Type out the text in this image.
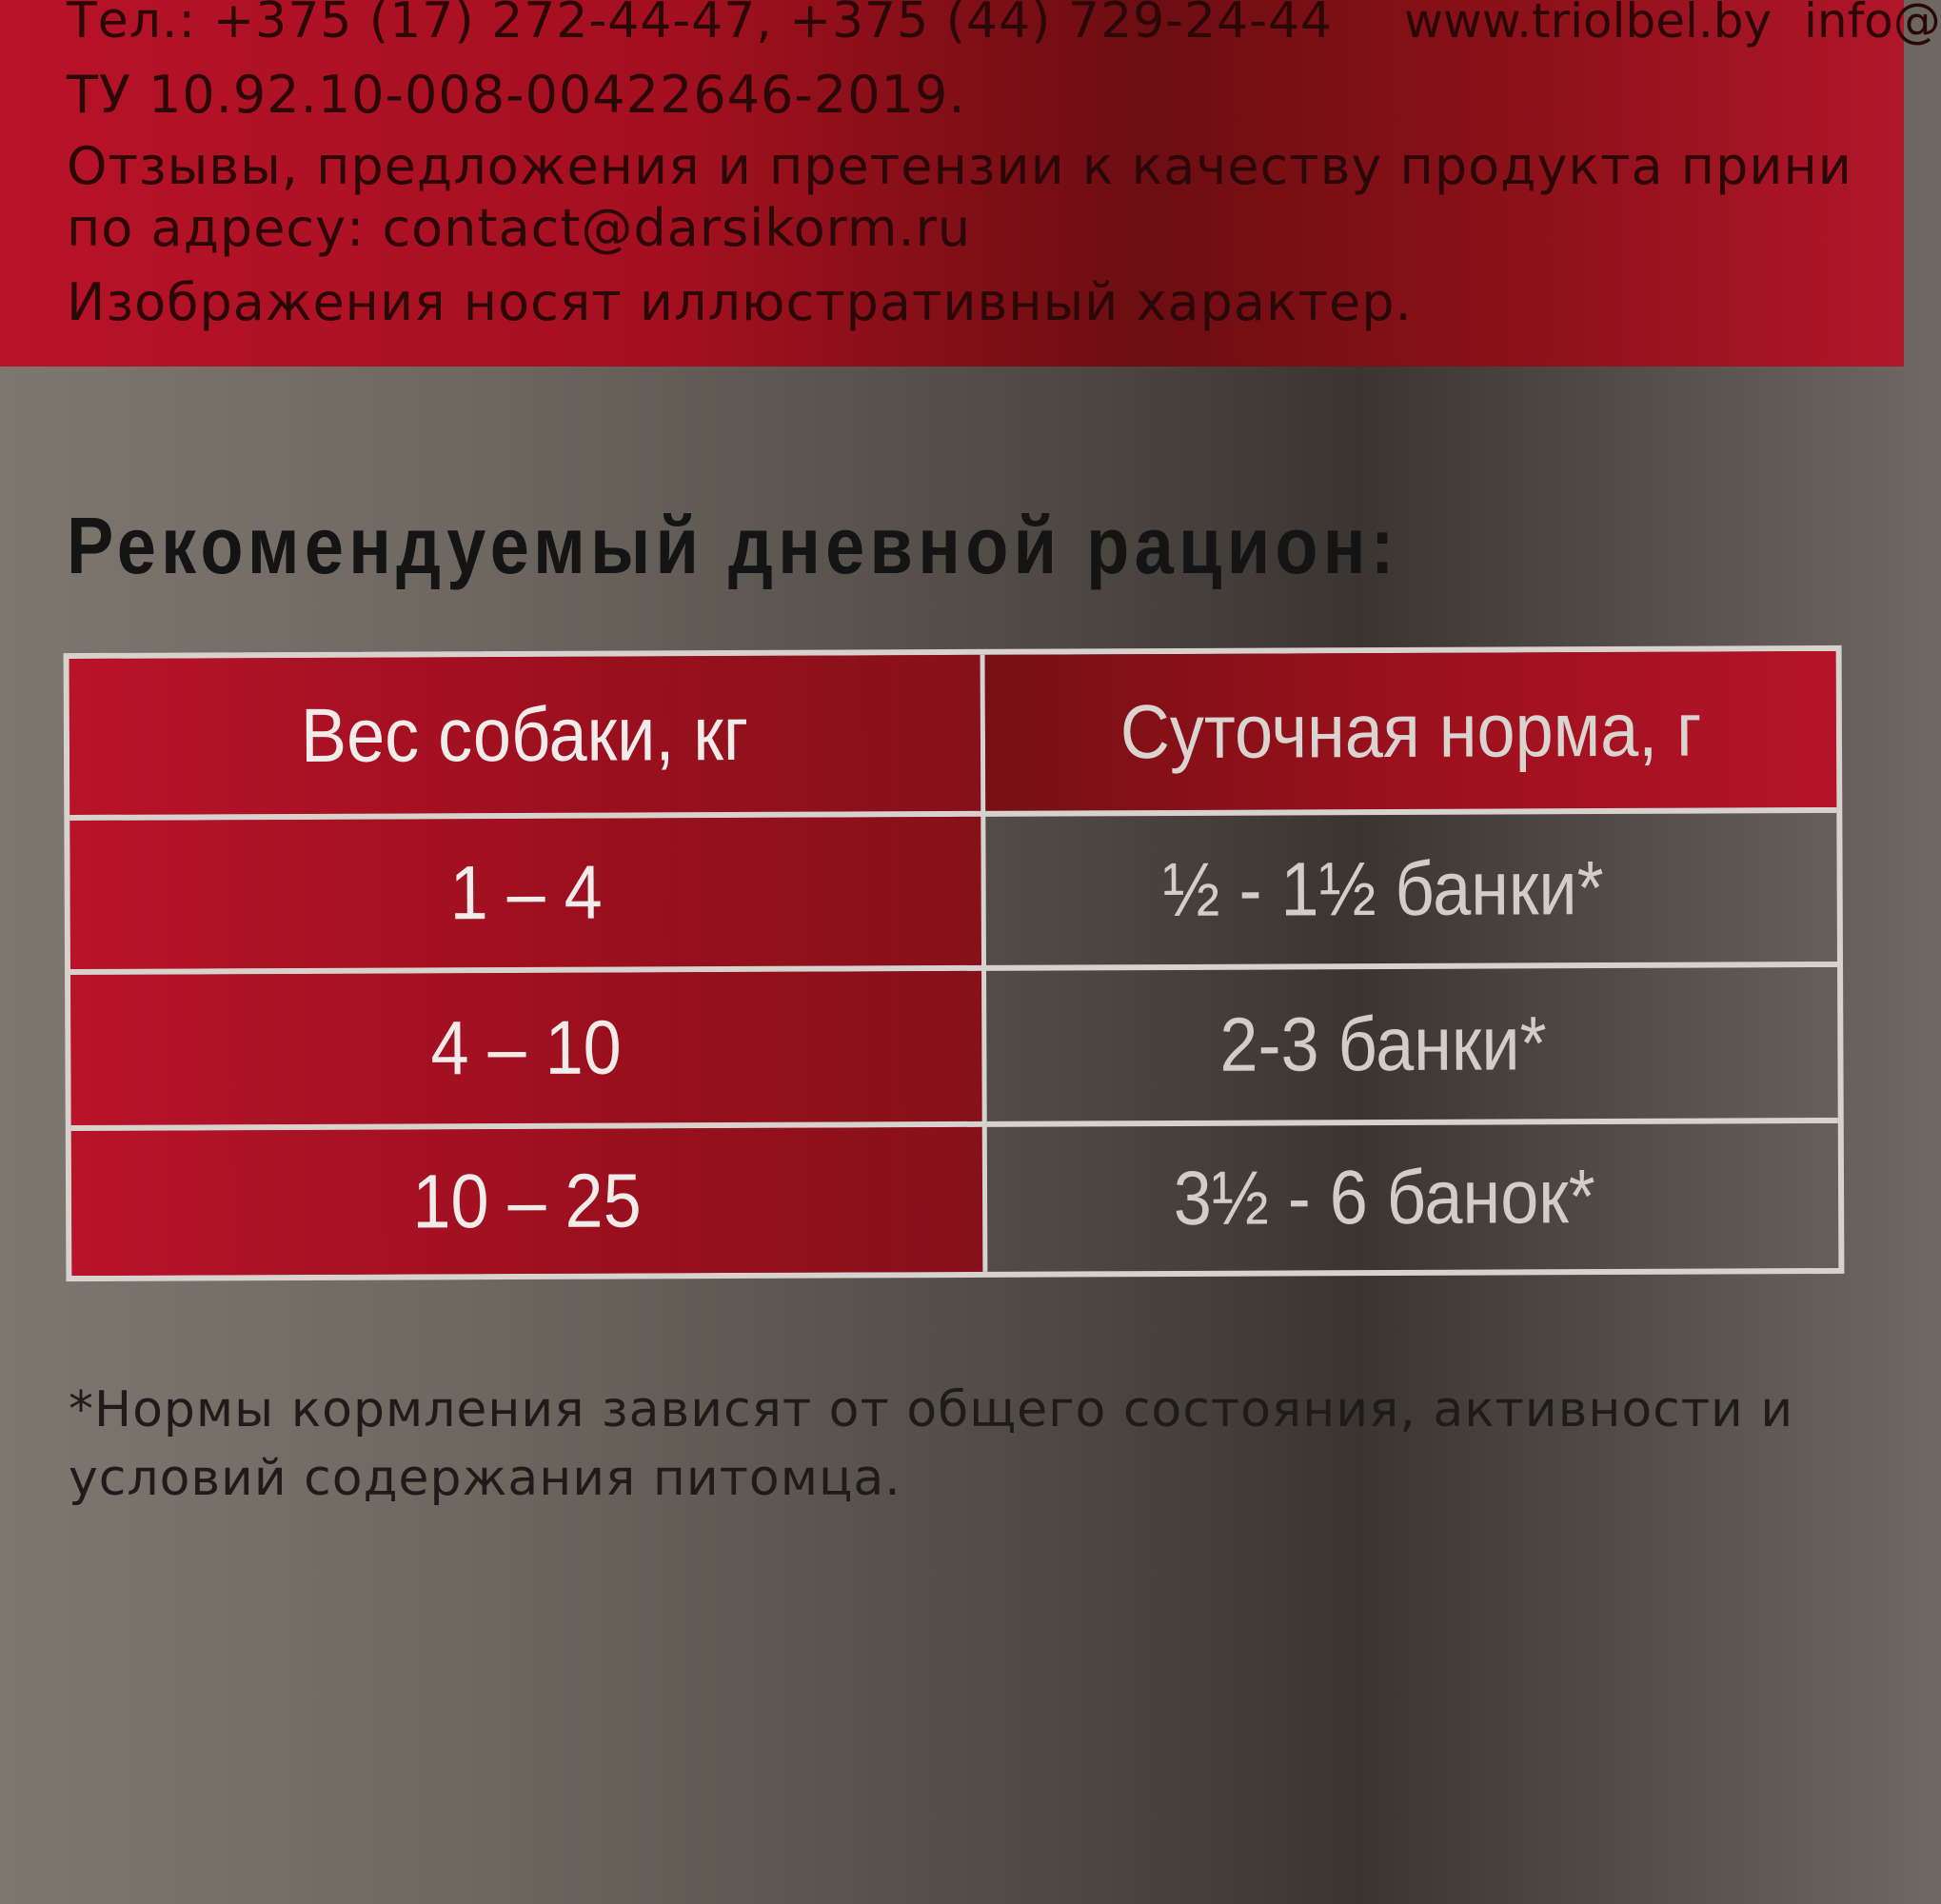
Тел.: +375 (17) 272-44-47, +375 (44) 729-24-44 www.triolbel.by info@

ТУ 10.92.10-008-00422646-2019.

Отзывы, предложения и претензии к качеству продукта прини

по адресу: contact@darsikorm.ru

Изображения носят иллюстративный характер.

Рекомендуемый дневной рацион:
Вес собаки, кг	Суточная норма, г
1 – 4	½ - 1½ банки*
4 – 10	2-3 банки*
10 – 25	3½ - 6 банок*

*Нормы кормления зависят от общего состояния, активности и условий содержания питомца.
